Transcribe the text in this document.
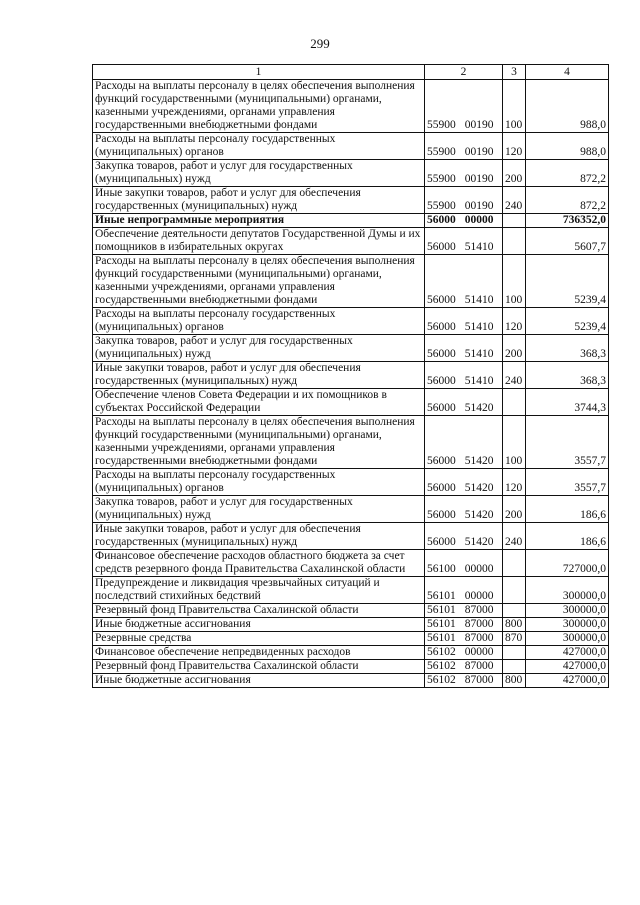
299
1	2	3	4
Расходы на выплаты персоналу в целях обеспечения выполнения функций государственными (муниципальными) органами, казенными учреждениями, органами управления государственными внебюджетными фондами	55900 00190	100	988,0
Расходы на выплаты персоналу государственных (муниципальных) органов	55900 00190	120	988,0
Закупка товаров, работ и услуг для государственных (муниципальных) нужд	55900 00190	200	872,2
Иные закупки товаров, работ и услуг для обеспечения государственных (муниципальных) нужд	55900 00190	240	872,2
Иные непрограммные мероприятия	56000 00000		736352,0
Обеспечение деятельности депутатов Государственной Думы и их помощников в избирательных округах	56000 51410		5607,7
Расходы на выплаты персоналу в целях обеспечения выполнения функций государственными (муниципальными) органами, казенными учреждениями, органами управления государственными внебюджетными фондами	56000 51410	100	5239,4
Расходы на выплаты персоналу государственных (муниципальных) органов	56000 51410	120	5239,4
Закупка товаров, работ и услуг для государственных (муниципальных) нужд	56000 51410	200	368,3
Иные закупки товаров, работ и услуг для обеспечения государственных (муниципальных) нужд	56000 51410	240	368,3
Обеспечение членов Совета Федерации и их помощников в субъектах Российской Федерации	56000 51420		3744,3
Расходы на выплаты персоналу в целях обеспечения выполнения функций государственными (муниципальными) органами, казенными учреждениями, органами управления государственными внебюджетными фондами	56000 51420	100	3557,7
Расходы на выплаты персоналу государственных (муниципальных) органов	56000 51420	120	3557,7
Закупка товаров, работ и услуг для государственных (муниципальных) нужд	56000 51420	200	186,6
Иные закупки товаров, работ и услуг для обеспечения государственных (муниципальных) нужд	56000 51420	240	186,6
Финансовое обеспечение расходов областного бюджета за счет средств резервного фонда Правительства Сахалинской области	56100 00000		727000,0
Предупреждение и ликвидация чрезвычайных ситуаций и последствий стихийных бедствий	56101 00000		300000,0
Резервный фонд Правительства Сахалинской области	56101 87000		300000,0
Иные бюджетные ассигнования	56101 87000	800	300000,0
Резервные средства	56101 87000	870	300000,0
Финансовое обеспечение непредвиденных расходов	56102 00000		427000,0
Резервный фонд Правительства Сахалинской области	56102 87000		427000,0
Иные бюджетные ассигнования	56102 87000	800	427000,0
